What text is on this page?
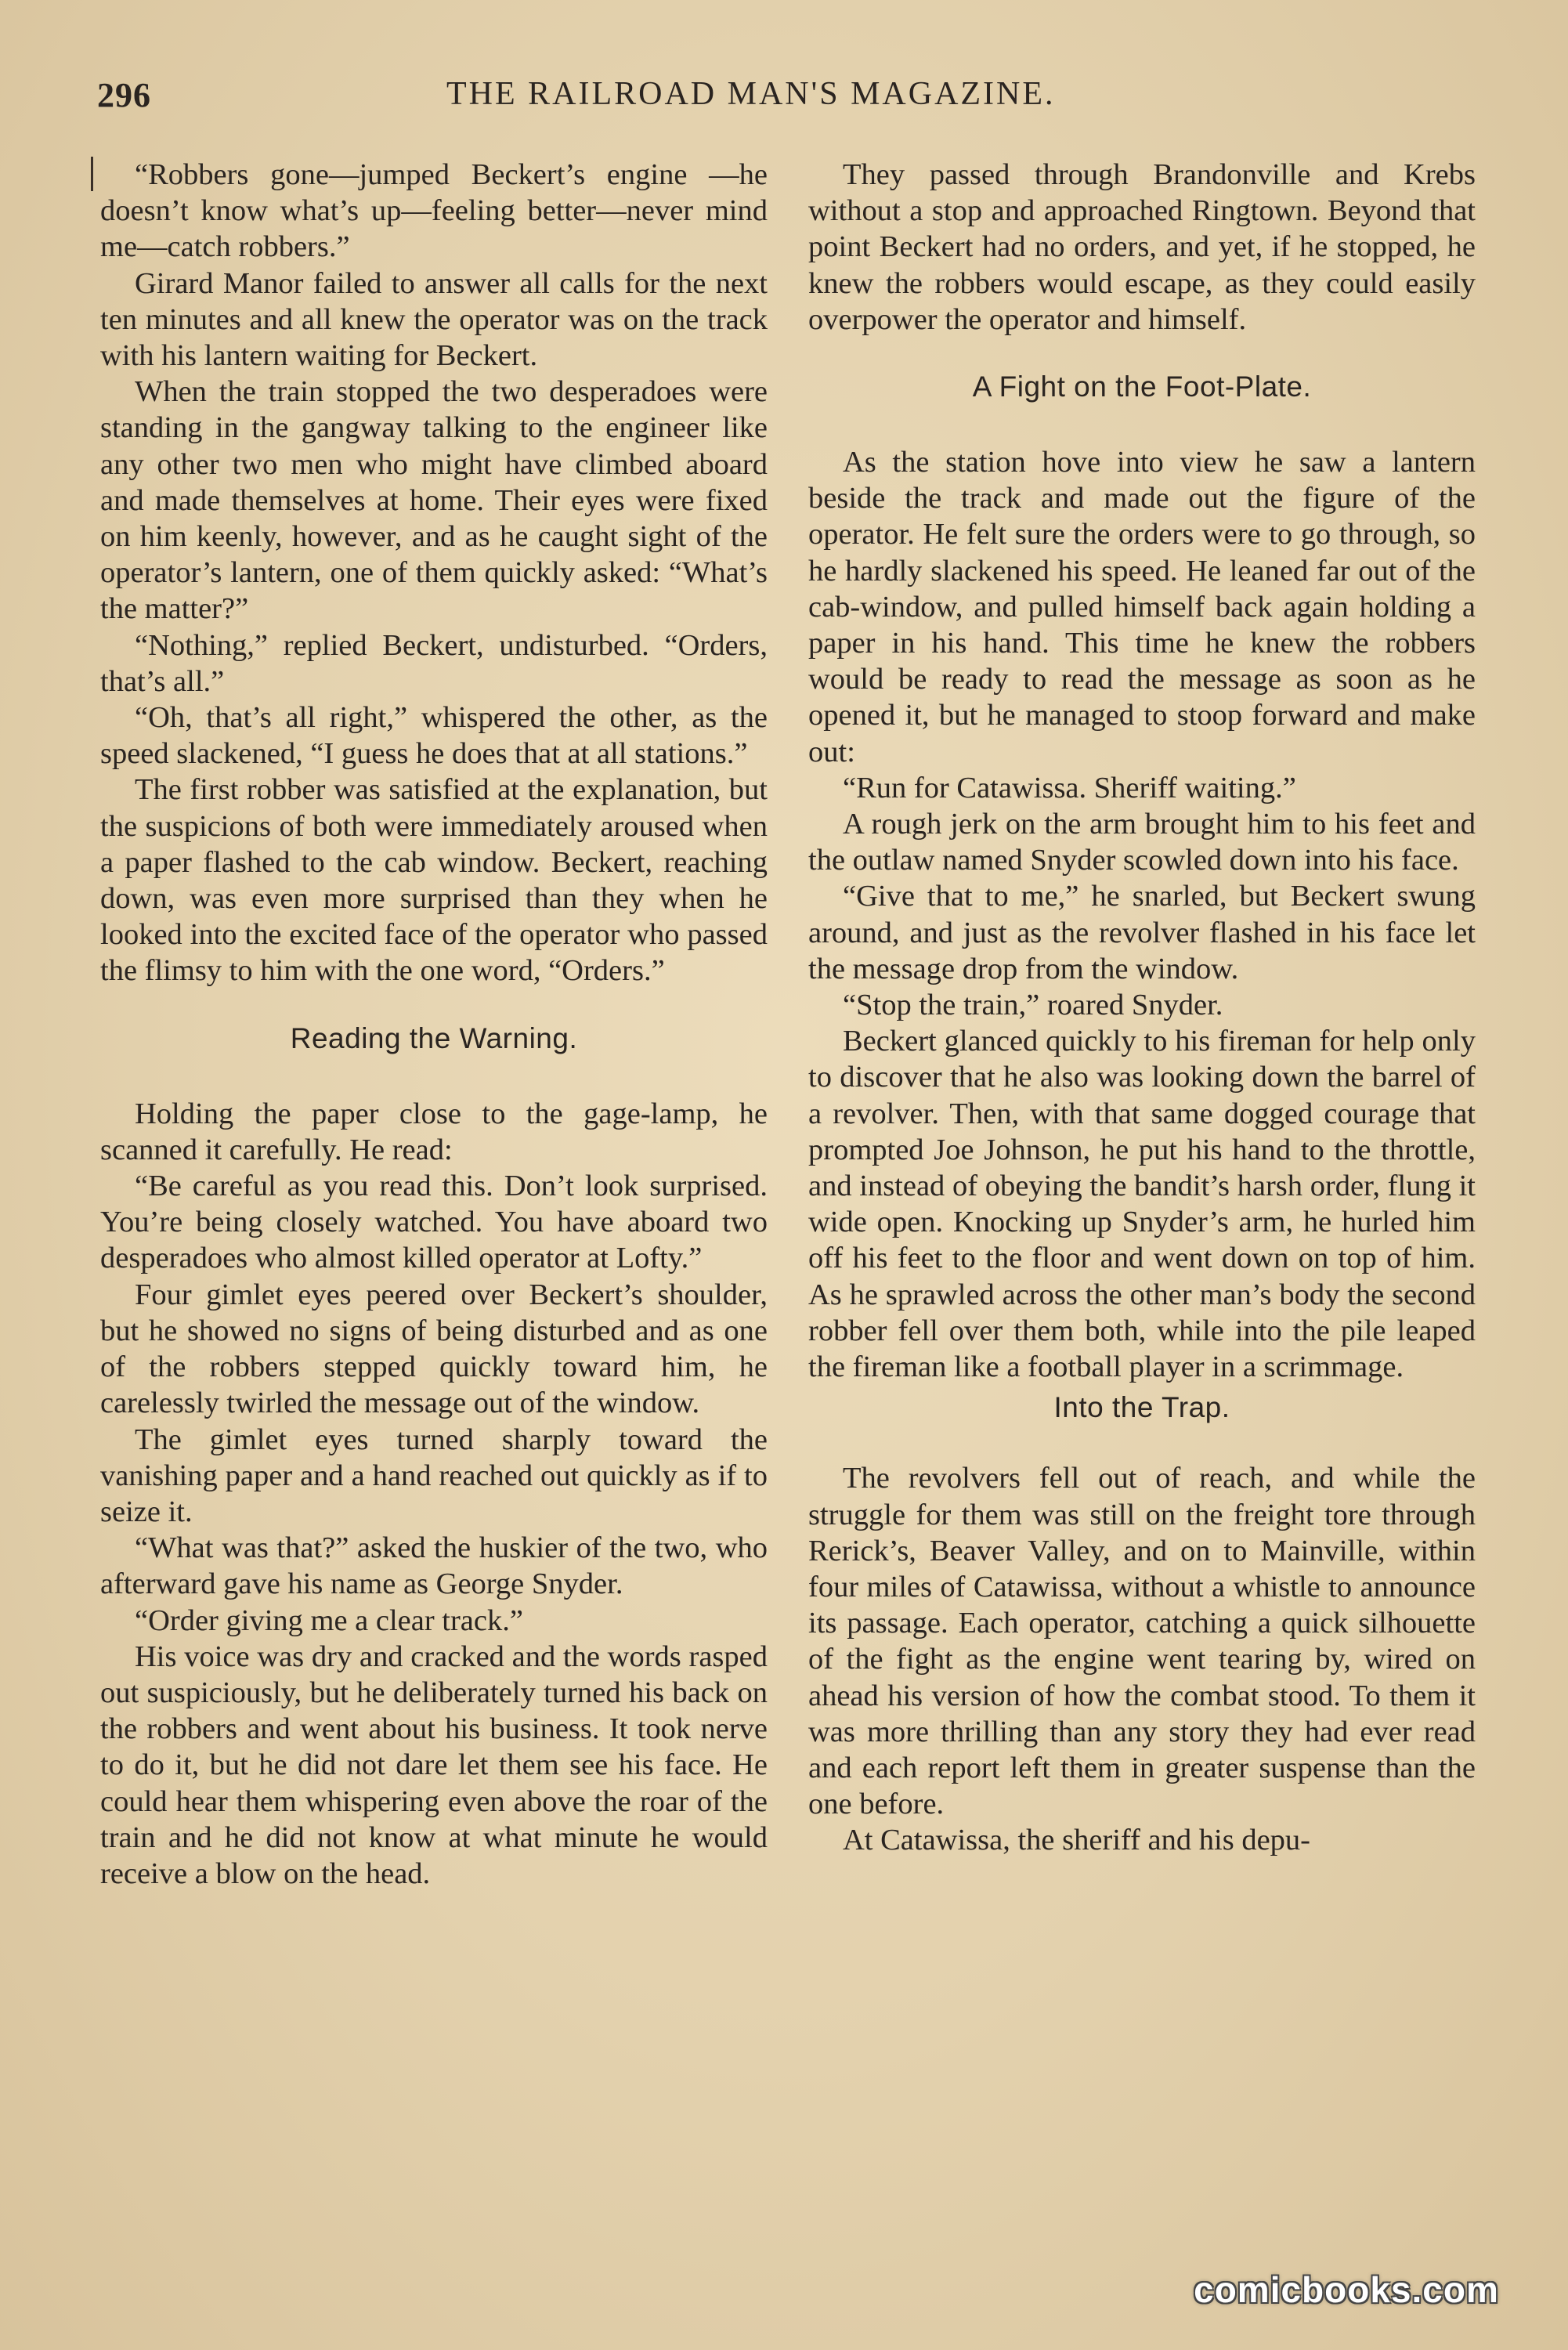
296	THE RAILROAD MAN'S MAGAZINE.

“Robbers gone—jumped Beckert’s engine —he doesn’t know what’s up—feeling better—never mind me—catch robbers.”

Girard Manor failed to answer all calls for the next ten minutes and all knew the operator was on the track with his lantern waiting for Beckert.

When the train stopped the two desperadoes were standing in the gangway talking to the engineer like any other two men who might have climbed aboard and made themselves at home. Their eyes were fixed on him keenly, however, and as he caught sight of the operator’s lantern, one of them quickly asked: “What’s the matter?”

“Nothing,” replied Beckert, undisturbed. “Orders, that’s all.”

“Oh, that’s all right,” whispered the other, as the speed slackened, “I guess he does that at all stations.”

The first robber was satisfied at the explanation, but the suspicions of both were immediately aroused when a paper flashed to the cab window. Beckert, reaching down, was even more surprised than they when he looked into the excited face of the operator who passed the flimsy to him with the one word, “Orders.”

Reading the Warning.

Holding the paper close to the gage-lamp, he scanned it carefully. He read:

“Be careful as you read this. Don’t look surprised. You’re being closely watched. You have aboard two desperadoes who almost killed operator at Lofty.”

Four gimlet eyes peered over Beckert’s shoulder, but he showed no signs of being disturbed and as one of the robbers stepped quickly toward him, he carelessly twirled the message out of the window.

The gimlet eyes turned sharply toward the vanishing paper and a hand reached out quickly as if to seize it.

“What was that?” asked the huskier of the two, who afterward gave his name as George Snyder.

“Order giving me a clear track.”

His voice was dry and cracked and the words rasped out suspiciously, but he deliberately turned his back on the robbers and went about his business. It took nerve to do it, but he did not dare let them see his face. He could hear them whispering even above the roar of the train and he did not know at what minute he would receive a blow on the head.

They passed through Brandonville and Krebs without a stop and approached Ringtown. Beyond that point Beckert had no orders, and yet, if he stopped, he knew the robbers would escape, as they could easily overpower the operator and himself.

A Fight on the Foot-Plate.

As the station hove into view he saw a lantern beside the track and made out the figure of the operator. He felt sure the orders were to go through, so he hardly slackened his speed. He leaned far out of the cab-window, and pulled himself back again holding a paper in his hand. This time he knew the robbers would be ready to read the message as soon as he opened it, but he managed to stoop forward and make out:

“Run for Catawissa. Sheriff waiting.”

A rough jerk on the arm brought him to his feet and the outlaw named Snyder scowled down into his face.

“Give that to me,” he snarled, but Beckert swung around, and just as the revolver flashed in his face let the message drop from the window.

“Stop the train,” roared Snyder.

Beckert glanced quickly to his fireman for help only to discover that he also was looking down the barrel of a revolver. Then, with that same dogged courage that prompted Joe Johnson, he put his hand to the throttle, and instead of obeying the bandit’s harsh order, flung it wide open. Knocking up Snyder’s arm, he hurled him off his feet to the floor and went down on top of him. As he sprawled across the other man’s body the second robber fell over them both, while into the pile leaped the fireman like a football player in a scrimmage.

Into the Trap.

The revolvers fell out of reach, and while the struggle for them was still on the freight tore through Rerick’s, Beaver Valley, and on to Mainville, within four miles of Catawissa, without a whistle to announce its passage. Each operator, catching a quick silhouette of the fight as the engine went tearing by, wired on ahead his version of how the combat stood. To them it was more thrilling than any story they had ever read and each report left them in greater suspense than the one before.

At Catawissa, the sheriff and his depu-

comicbooks.com
